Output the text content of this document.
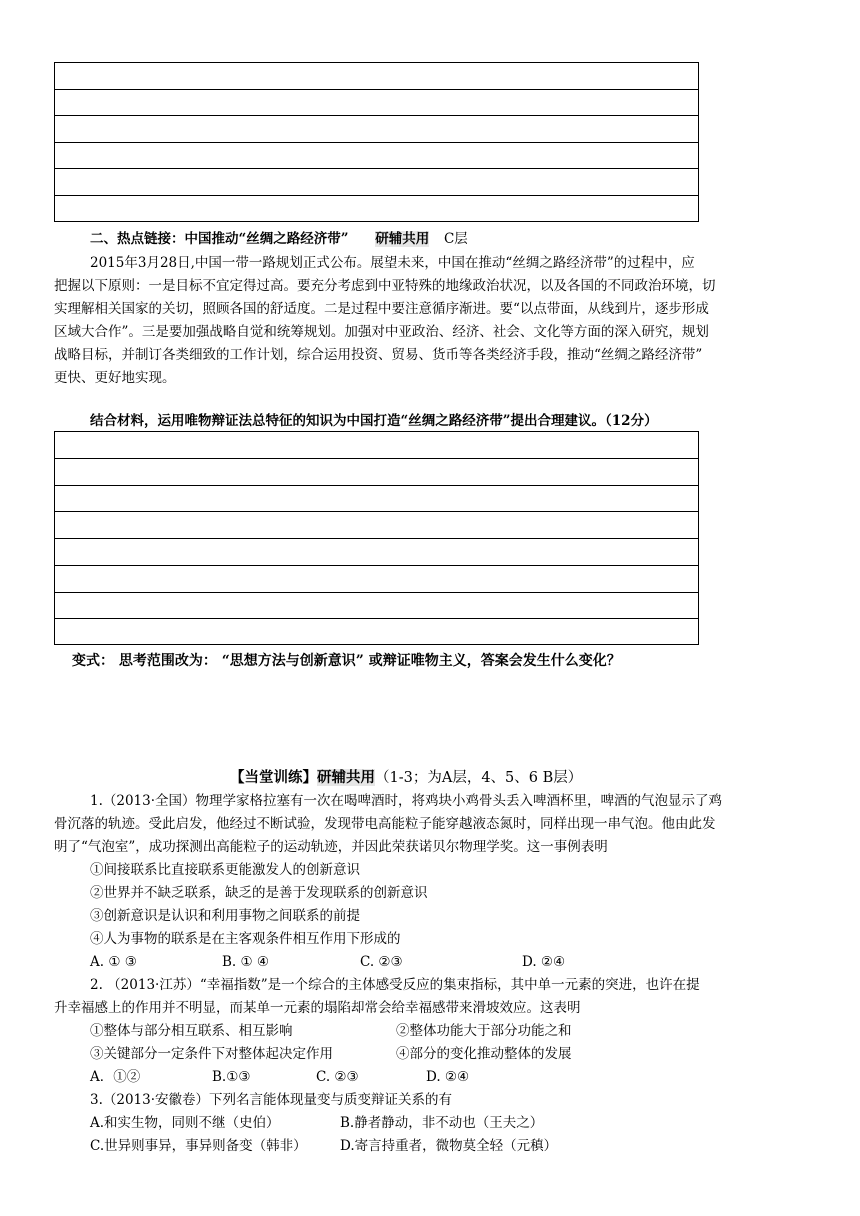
二、热点链接：中国推动“丝绸之路经济带” 研辅共用 C层
2015年3月28日,中国一带一路规划正式公布。展望未来，中国在推动“丝绸之路经济带”的过程中，应
把握以下原则：一是目标不宜定得过高。要充分考虑到中亚特殊的地缘政治状况，以及各国的不同政治环境，切
实理解相关国家的关切，照顾各国的舒适度。二是过程中要注意循序渐进。要“以点带面，从线到片，逐步形成
区域大合作”。三是要加强战略自觉和统筹规划。加强对中亚政治、经济、社会、文化等方面的深入研究，规划
战略目标，并制订各类细致的工作计划，综合运用投资、贸易、货币等各类经济手段，推动“丝绸之路经济带”
更快、更好地实现。
结合材料，运用唯物辩证法总特征的知识为中国打造“丝绸之路经济带”提出合理建议。（12分）
变式： 思考范围改为： “思想方法与创新意识” 或辩证唯物主义，答案会发生什么变化？
【当堂训练】研辅共用（1-3；为A层，4、5、6 B层）
1.（2013·全国）物理学家格拉塞有一次在喝啤酒时，将鸡块小鸡骨头丢入啤酒杯里，啤酒的气泡显示了鸡
骨沉落的轨迹。受此启发，他经过不断试验，发现带电高能粒子能穿越液态氮时，同样出现一串气泡。他由此发
明了“气泡室”，成功探测出高能粒子的运动轨迹，并因此荣获诺贝尔物理学奖。这一事例表明
①间接联系比直接联系更能激发人的创新意识
②世界并不缺乏联系，缺乏的是善于发现联系的创新意识
③创新意识是认识和利用事物之间联系的前提
④人为事物的联系是在主客观条件相互作用下形成的
A. ① ③	B. ① ④	C. ②③	D. ②④
2. （2013·江苏）“幸福指数”是一个综合的主体感受反应的集束指标，其中单一元素的突进，也许在提
升幸福感上的作用并不明显，而某单一元素的塌陷却常会给幸福感带来滑坡效应。这表明
①整体与部分相互联系、相互影响	②整体功能大于部分功能之和
③关键部分一定条件下对整体起决定作用	④部分的变化推动整体的发展
A．①②	B.①③	C. ②③	D. ②④
3.（2013·安徽卷）下列名言能体现量变与质变辩证关系的有
A.和实生物，同则不继（史伯）	B.静者静动，非不动也（王夫之）
C.世异则事异，事异则备变（韩非） D.寄言持重者，微物莫全轻（元稹）
